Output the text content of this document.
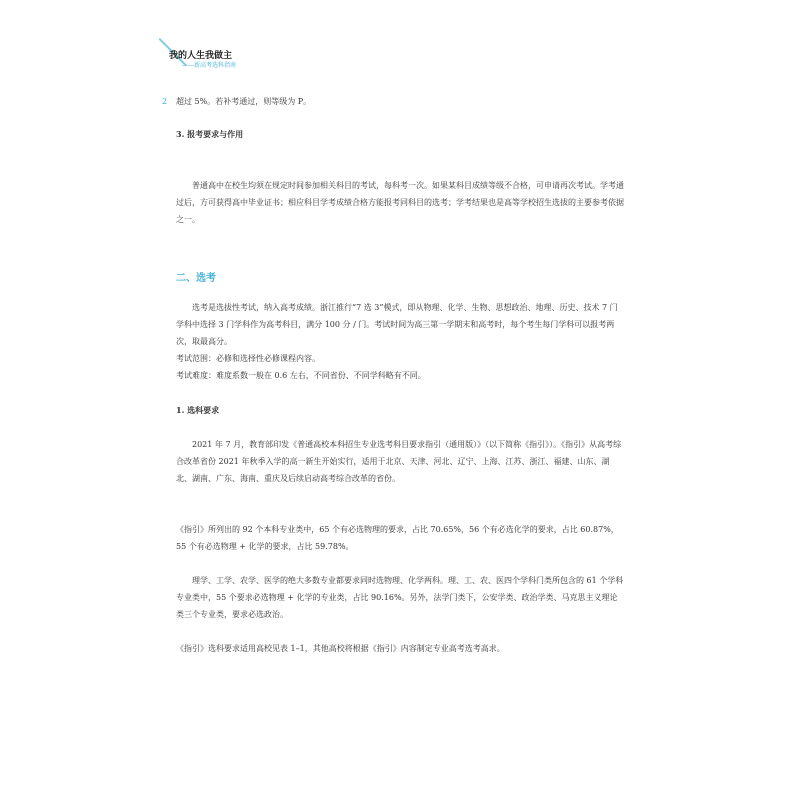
我的人生我做主
——新高考选科指南
2 超过 5%。若补考通过，则等级为 P。

3. 报考要求与作用

普通高中在校生均须在规定时间参加相关科目的考试，每科考一次。如果某科目成绩等级不合格，可申请再次考试。学考通过后，方可获得高中毕业证书；相应科目学考成绩合格方能报考同科目的选考；学考结果也是高等学校招生选拔的主要参考依据之一。

二、选考

选考是选拔性考试，纳入高考成绩。浙江推行“7 选 3”模式，即从物理、化学、生物、思想政治、地理、历史、技术 7 门学科中选择 3 门学科作为高考科目，满分 100 分 / 门。考试时间为高三第一学期末和高考时，每个考生每门学科可以报考两次，取最高分。

考试范围：必修和选择性必修课程内容。

考试难度：难度系数一般在 0.6 左右，不同省份、不同学科略有不同。

1. 选科要求

2021 年 7 月，教育部印发《普通高校本科招生专业选考科目要求指引（通用版）》（以下简称《指引》）。《指引》从高考综合改革省份 2021 年秋季入学的高一新生开始实行，适用于北京、天津、河北、辽宁、上海、江苏、浙江、福建、山东、湖北、湖南、广东、海南、重庆及后续启动高考综合改革的省份。

《指引》所列出的 92 个本科专业类中，65 个有必选物理的要求，占比 70.65%，56 个有必选化学的要求，占比 60.87%，55 个有必选物理 + 化学的要求，占比 59.78%。

理学、工学、农学、医学的绝大多数专业都要求同时选物理、化学两科。理、工、农、医四个学科门类所包含的 61 个学科专业类中，55 个要求必选物理 + 化学的专业类，占比 90.16%。另外，法学门类下，公安学类、政治学类、马克思主义理论类三个专业类，要求必选政治。

《指引》选科要求适用高校见表 1–1，其他高校将根据《指引》内容制定专业高考选考高求。
